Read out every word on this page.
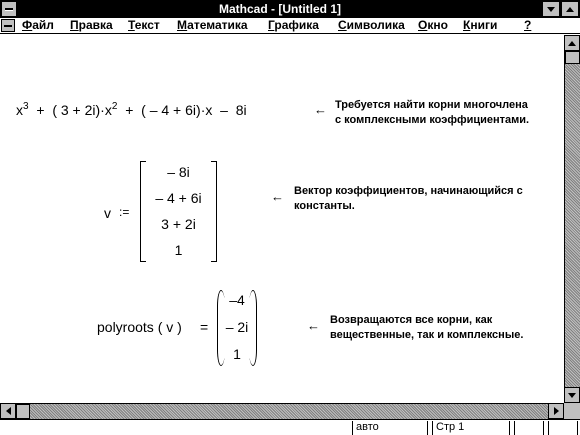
Mathcad - [Untitled 1]
Файл Правка Текст Математика Графика Символика Окно Книги ?
$x^3$ + ( $3 + 2i)\cdot x^2$ + ( – 4 + 6i)·x – 8i	← Требуется найти корни многочлена
с комплексными коэффициентами.
v :=
– 8i
– 4 + 6i
3 + 2i
1
← Вектор коэффициентов, начинающийся с
константы.
polyroots ( v ) =
–4
– 2i
1
← Возвращаются все корни, как
вещественные, так и комплексные.
авто	Стр 1
